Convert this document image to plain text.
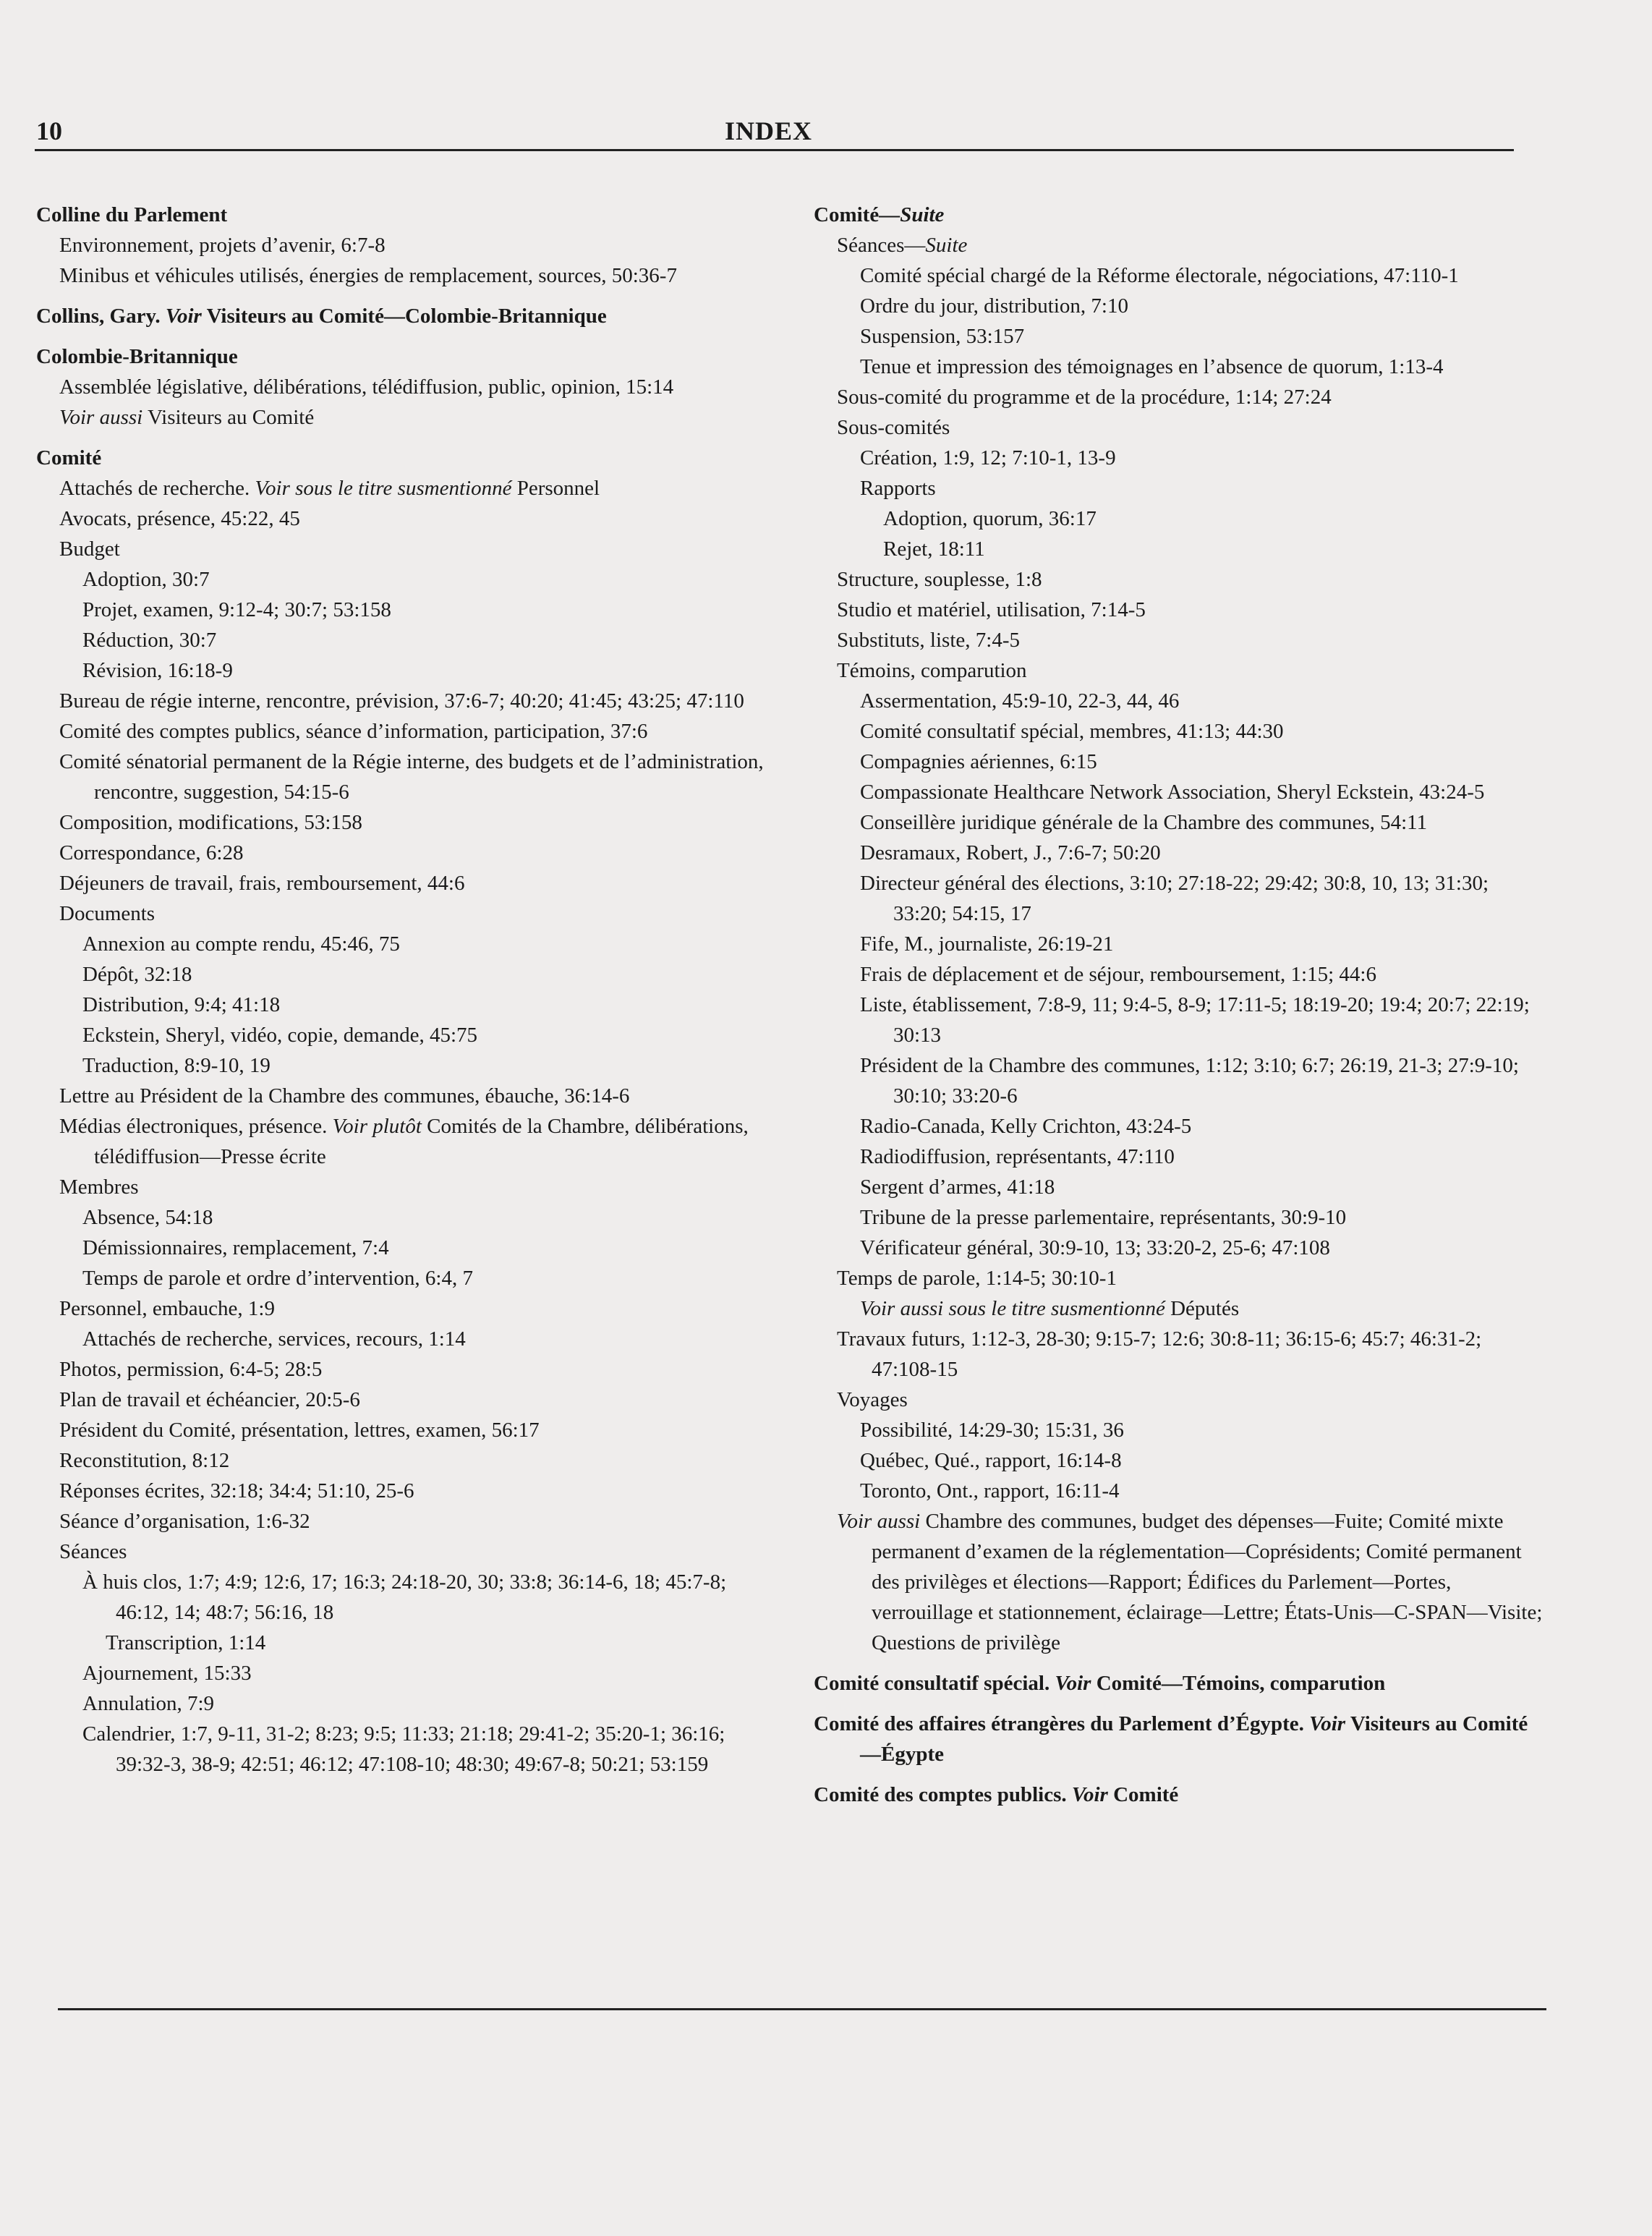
10	INDEX

Colline du Parlement

Environnement, projets d’avenir, 6:7-8

Minibus et véhicules utilisés, énergies de remplacement, sources, 50:36-7

Collins, Gary. Voir Visiteurs au Comité—Colombie-Britannique

Colombie-Britannique

Assemblée législative, délibérations, télédiffusion, public, opinion, 15:14

Voir aussi Visiteurs au Comité

Comité

Attachés de recherche. Voir sous le titre susmentionné Personnel

Avocats, présence, 45:22, 45

Budget

Adoption, 30:7

Projet, examen, 9:12-4; 30:7; 53:158

Réduction, 30:7

Révision, 16:18-9

Bureau de régie interne, rencontre, prévision, 37:6-7; 40:20; 41:45; 43:25; 47:110

Comité des comptes publics, séance d’information, participation, 37:6

Comité sénatorial permanent de la Régie interne, des budgets et de l’administration, rencontre, suggestion, 54:15-6

Composition, modifications, 53:158

Correspondance, 6:28

Déjeuners de travail, frais, remboursement, 44:6

Documents

Annexion au compte rendu, 45:46, 75

Dépôt, 32:18

Distribution, 9:4; 41:18

Eckstein, Sheryl, vidéo, copie, demande, 45:75

Traduction, 8:9-10, 19

Lettre au Président de la Chambre des communes, ébauche, 36:14-6

Médias électroniques, présence. Voir plutôt Comités de la Chambre, délibérations, télédiffusion—Presse écrite

Membres

Absence, 54:18

Démissionnaires, remplacement, 7:4

Temps de parole et ordre d’intervention, 6:4, 7

Personnel, embauche, 1:9

Attachés de recherche, services, recours, 1:14

Photos, permission, 6:4-5; 28:5

Plan de travail et échéancier, 20:5-6

Président du Comité, présentation, lettres, examen, 56:17

Reconstitution, 8:12

Réponses écrites, 32:18; 34:4; 51:10, 25-6

Séance d’organisation, 1:6-32

Séances

À huis clos, 1:7; 4:9; 12:6, 17; 16:3; 24:18-20, 30; 33:8; 36:14-6, 18; 45:7-8; 46:12, 14; 48:7; 56:16, 18

Transcription, 1:14

Ajournement, 15:33

Annulation, 7:9

Calendrier, 1:7, 9-11, 31-2; 8:23; 9:5; 11:33; 21:18; 29:41-2; 35:20-1; 36:16; 39:32-3, 38-9; 42:51; 46:12; 47:108-10; 48:30; 49:67-8; 50:21; 53:159

Comité—Suite

Séances—Suite

Comité spécial chargé de la Réforme électorale, négociations, 47:110-1

Ordre du jour, distribution, 7:10

Suspension, 53:157

Tenue et impression des témoignages en l’absence de quorum, 1:13-4

Sous-comité du programme et de la procédure, 1:14; 27:24

Sous-comités

Création, 1:9, 12; 7:10-1, 13-9

Rapports

Adoption, quorum, 36:17

Rejet, 18:11

Structure, souplesse, 1:8

Studio et matériel, utilisation, 7:14-5

Substituts, liste, 7:4-5

Témoins, comparution

Assermentation, 45:9-10, 22-3, 44, 46

Comité consultatif spécial, membres, 41:13; 44:30

Compagnies aériennes, 6:15

Compassionate Healthcare Network Association, Sheryl Eckstein, 43:24-5

Conseillère juridique générale de la Chambre des communes, 54:11

Desramaux, Robert, J., 7:6-7; 50:20

Directeur général des élections, 3:10; 27:18-22; 29:42; 30:8, 10, 13; 31:30; 33:20; 54:15, 17

Fife, M., journaliste, 26:19-21

Frais de déplacement et de séjour, remboursement, 1:15; 44:6

Liste, établissement, 7:8-9, 11; 9:4-5, 8-9; 17:11-5; 18:19-20; 19:4; 20:7; 22:19; 30:13

Président de la Chambre des communes, 1:12; 3:10; 6:7; 26:19, 21-3; 27:9-10; 30:10; 33:20-6

Radio-Canada, Kelly Crichton, 43:24-5

Radiodiffusion, représentants, 47:110

Sergent d’armes, 41:18

Tribune de la presse parlementaire, représentants, 30:9-10

Vérificateur général, 30:9-10, 13; 33:20-2, 25-6; 47:108

Temps de parole, 1:14-5; 30:10-1

Voir aussi sous le titre susmentionné Députés

Travaux futurs, 1:12-3, 28-30; 9:15-7; 12:6; 30:8-11; 36:15-6; 45:7; 46:31-2; 47:108-15

Voyages

Possibilité, 14:29-30; 15:31, 36

Québec, Qué., rapport, 16:14-8

Toronto, Ont., rapport, 16:11-4

Voir aussi Chambre des communes, budget des dépenses—Fuite; Comité mixte permanent d’examen de la réglementation—Coprésidents; Comité permanent des privilèges et élections—Rapport; Édifices du Parlement—Portes, verrouillage et stationnement, éclairage—Lettre; États-Unis—C-SPAN—Visite; Questions de privilège

Comité consultatif spécial. Voir Comité—Témoins, comparution

Comité des affaires étrangères du Parlement d’Égypte. Voir Visiteurs au Comité—Égypte

Comité des comptes publics. Voir Comité
